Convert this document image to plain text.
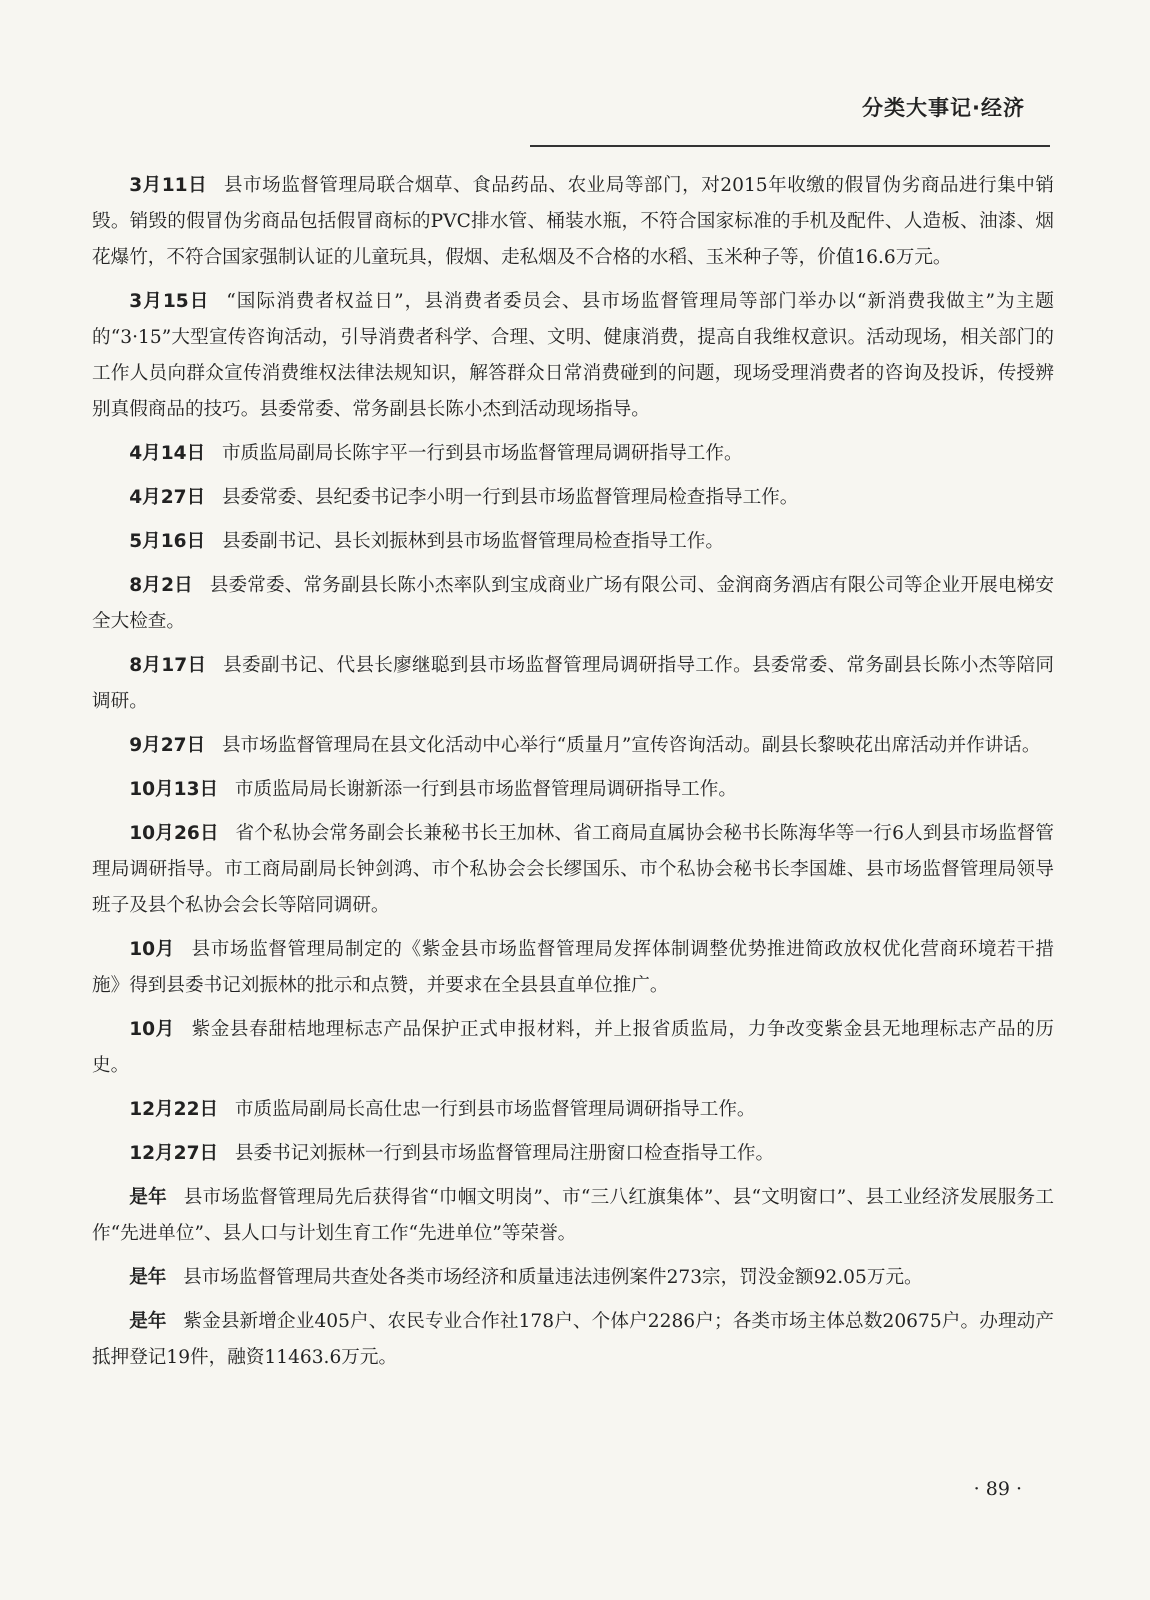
分类大事记·经济

3月11日 县市场监督管理局联合烟草、食品药品、农业局等部门，对2015年收缴的假冒伪劣商品进行集中销毁。销毁的假冒伪劣商品包括假冒商标的PVC排水管、桶装水瓶，不符合国家标准的手机及配件、人造板、油漆、烟花爆竹，不符合国家强制认证的儿童玩具，假烟、走私烟及不合格的水稻、玉米种子等，价值16.6万元。

3月15日 “国际消费者权益日”，县消费者委员会、县市场监督管理局等部门举办以“新消费我做主”为主题的“3·15”大型宣传咨询活动，引导消费者科学、合理、文明、健康消费，提高自我维权意识。活动现场，相关部门的工作人员向群众宣传消费维权法律法规知识，解答群众日常消费碰到的问题，现场受理消费者的咨询及投诉，传授辨别真假商品的技巧。县委常委、常务副县长陈小杰到活动现场指导。

4月14日 市质监局副局长陈宇平一行到县市场监督管理局调研指导工作。

4月27日 县委常委、县纪委书记李小明一行到县市场监督管理局检查指导工作。

5月16日 县委副书记、县长刘振林到县市场监督管理局检查指导工作。

8月2日 县委常委、常务副县长陈小杰率队到宝成商业广场有限公司、金润商务酒店有限公司等企业开展电梯安全大检查。

8月17日 县委副书记、代县长廖继聪到县市场监督管理局调研指导工作。县委常委、常务副县长陈小杰等陪同调研。

9月27日 县市场监督管理局在县文化活动中心举行“质量月”宣传咨询活动。副县长黎映花出席活动并作讲话。

10月13日 市质监局局长谢新添一行到县市场监督管理局调研指导工作。

10月26日 省个私协会常务副会长兼秘书长王加林、省工商局直属协会秘书长陈海华等一行6人到县市场监督管理局调研指导。市工商局副局长钟剑鸿、市个私协会会长缪国乐、市个私协会秘书长李国雄、县市场监督管理局领导班子及县个私协会会长等陪同调研。

10月 县市场监督管理局制定的《紫金县市场监督管理局发挥体制调整优势推进简政放权优化营商环境若干措施》得到县委书记刘振林的批示和点赞，并要求在全县县直单位推广。

10月 紫金县春甜桔地理标志产品保护正式申报材料，并上报省质监局，力争改变紫金县无地理标志产品的历史。

12月22日 市质监局副局长高仕忠一行到县市场监督管理局调研指导工作。

12月27日 县委书记刘振林一行到县市场监督管理局注册窗口检查指导工作。

是年 县市场监督管理局先后获得省“巾帼文明岗”、市“三八红旗集体”、县“文明窗口”、县工业经济发展服务工作“先进单位”、县人口与计划生育工作“先进单位”等荣誉。

是年 县市场监督管理局共查处各类市场经济和质量违法违例案件273宗，罚没金额92.05万元。

是年 紫金县新增企业405户、农民专业合作社178户、个体户2286户；各类市场主体总数20675户。办理动产抵押登记19件，融资11463.6万元。

· 89 ·
